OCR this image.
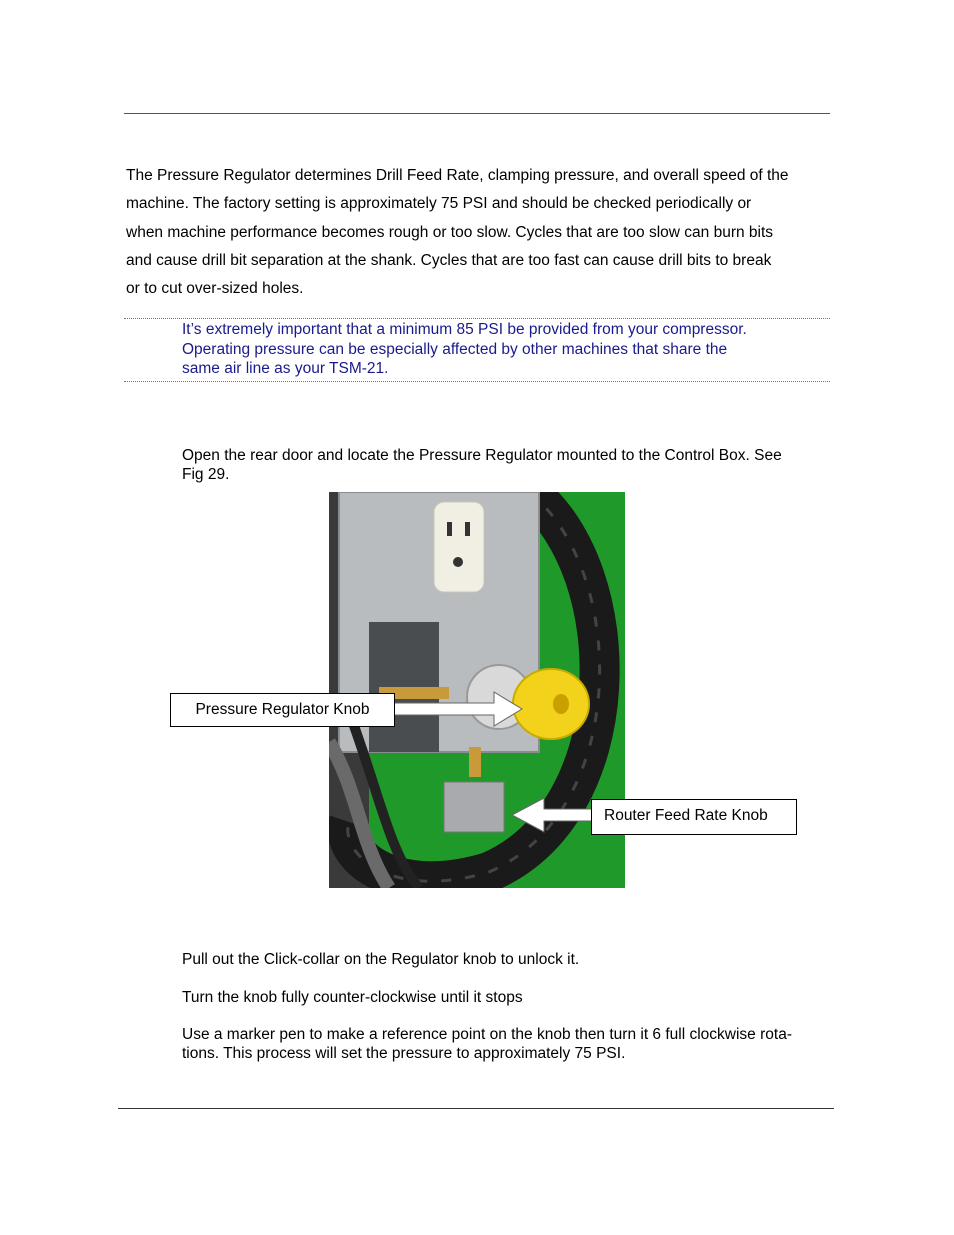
The Pressure Regulator determines Drill Feed Rate, clamping pressure, and overall speed of the
machine. The factory setting is approximately 75 PSI and should be checked periodically or
when machine performance becomes rough or too slow. Cycles that are too slow can burn bits
and cause drill bit separation at the shank. Cycles that are too fast can cause drill bits to break
or to cut over-sized holes.
It’s extremely important that a minimum 85 PSI be provided from your compressor.
Operating pressure can be especially affected by other machines that share the
same air line as your TSM-21.
Open the rear door and locate the Pressure Regulator mounted to the Control Box. See
Fig 29.
Pressure Regulator Knob
Router Feed Rate Knob
Pull out the Click-collar on the Regulator knob to unlock it.
Turn the knob fully counter-clockwise until it stops
Use a marker pen to make a reference point on the knob then turn it 6 full clockwise rota-
tions. This process will set the pressure to approximately 75 PSI.
